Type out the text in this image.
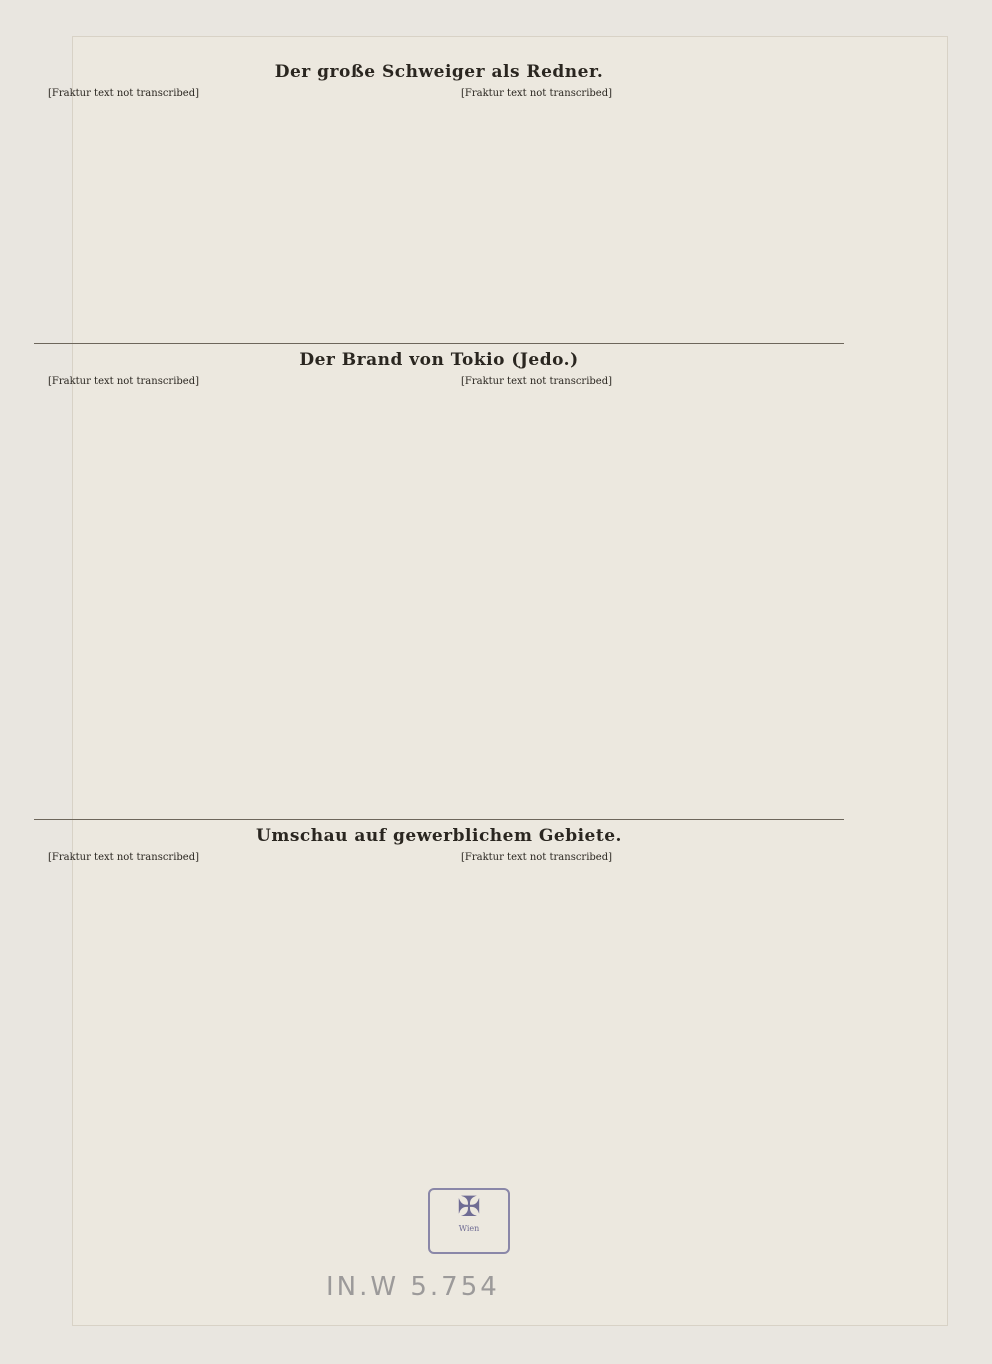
Der große Schweiger als Redner.

[Fraktur text not transcribed]	[Fraktur text not transcribed]

Der Brand von Tokio (Jedo.)

[Fraktur text not transcribed]	[Fraktur text not transcribed]

Umschau auf gewerblichem Gebiete.

[Fraktur text not transcribed]	[Fraktur text not transcribed]

✠
Wien
IN.W 5.754
